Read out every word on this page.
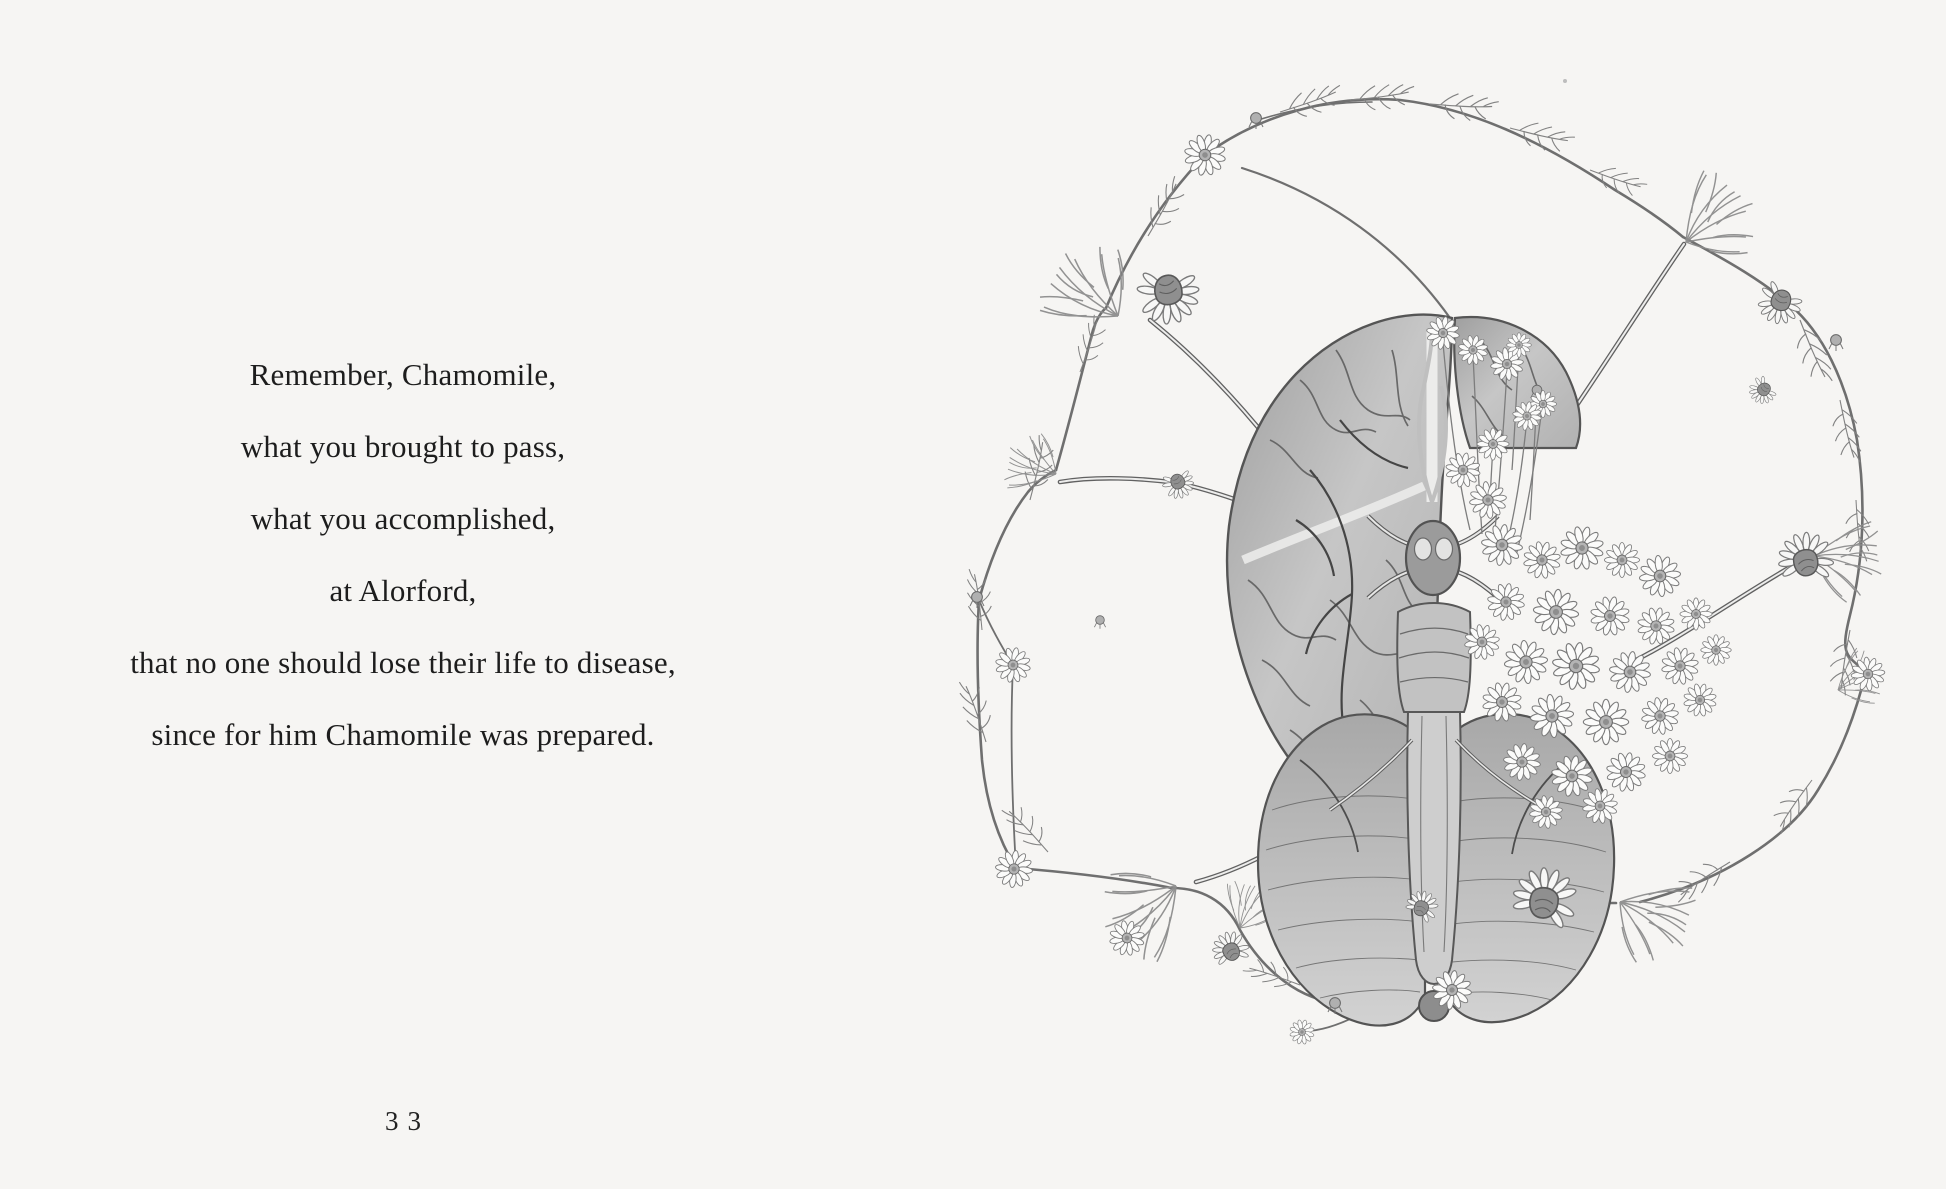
Remember, Chamomile,
what you brought to pass,
what you accomplished,
at Alorford,
that no one should lose their life to disease,
since for him Chamomile was prepared.
33
